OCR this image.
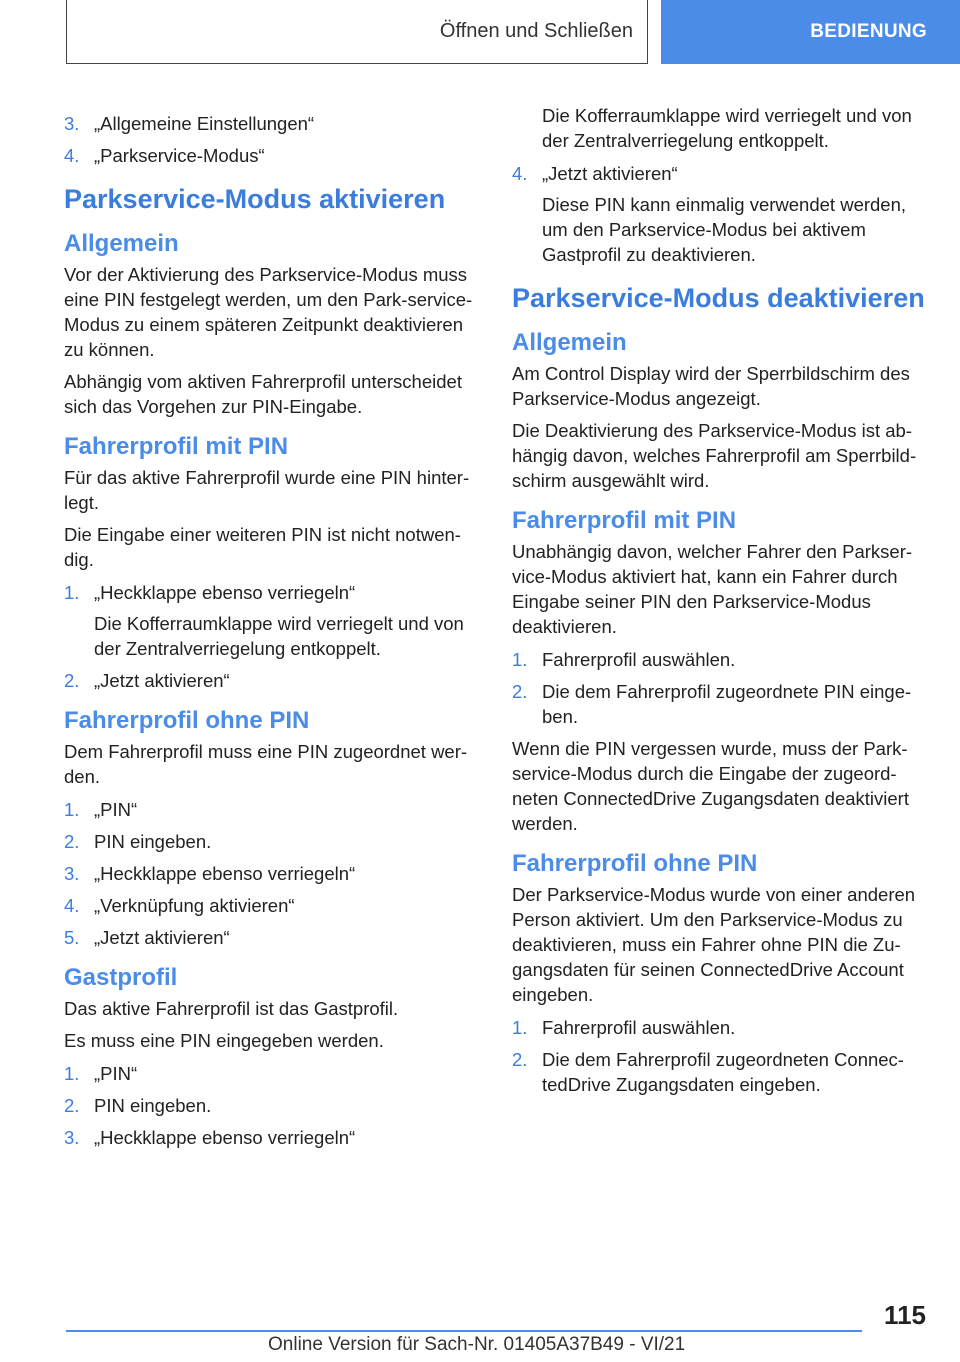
Öffnen und Schließen	BEDIENUNG
3. „Allgemeine Einstellungen“
4. „Parkservice-Modus“
Parkservice-Modus aktivieren
Allgemein

Vor der Aktivierung des Parkservice-Modus muss eine PIN festgelegt werden, um den Park-service-Modus zu einem späteren Zeitpunkt deaktivieren zu können.

Abhängig vom aktiven Fahrerprofil unterscheidet sich das Vorgehen zur PIN-Eingabe.

Fahrerprofil mit PIN

Für das aktive Fahrerprofil wurde eine PIN hinter-legt.

Die Eingabe einer weiteren PIN ist nicht notwen-dig.

1. „Heckklappe ebenso verriegeln“
Die Kofferraumklappe wird verriegelt und von der Zentralverriegelung entkoppelt.
2. „Jetzt aktivieren“
Fahrerprofil ohne PIN

Dem Fahrerprofil muss eine PIN zugeordnet wer-den.

1. „PIN“
2. PIN eingeben.
3. „Heckklappe ebenso verriegeln“
4. „Verknüpfung aktivieren“
5. „Jetzt aktivieren“
Gastprofil

Das aktive Fahrerprofil ist das Gastprofil.

Es muss eine PIN eingegeben werden.

1. „PIN“
2. PIN eingeben.
3. „Heckklappe ebenso verriegeln“
Die Kofferraumklappe wird verriegelt und von der Zentralverriegelung entkoppelt.
4. „Jetzt aktivieren“
Diese PIN kann einmalig verwendet werden, um den Parkservice-Modus bei aktivem Gastprofil zu deaktivieren.
Parkservice-Modus deaktivieren
Allgemein

Am Control Display wird der Sperrbildschirm des Parkservice-Modus angezeigt.

Die Deaktivierung des Parkservice-Modus ist ab-hängig davon, welches Fahrerprofil am Sperrbild-schirm ausgewählt wird.

Fahrerprofil mit PIN

Unabhängig davon, welcher Fahrer den Parkser-vice-Modus aktiviert hat, kann ein Fahrer durch Eingabe seiner PIN den Parkservice-Modus deaktivieren.

1. Fahrerprofil auswählen.
2. Die dem Fahrerprofil zugeordnete PIN einge-ben.

Wenn die PIN vergessen wurde, muss der Park-service-Modus durch die Eingabe der zugeord-neten ConnectedDrive Zugangsdaten deaktiviert werden.

Fahrerprofil ohne PIN

Der Parkservice-Modus wurde von einer anderen Person aktiviert. Um den Parkservice-Modus zu deaktivieren, muss ein Fahrer ohne PIN die Zu-gangsdaten für seinen ConnectedDrive Account eingeben.

1. Fahrerprofil auswählen.
2. Die dem Fahrerprofil zugeordneten Connec-tedDrive Zugangsdaten eingeben.
115
Online Version für Sach-Nr. 01405A37B49 - VI/21
